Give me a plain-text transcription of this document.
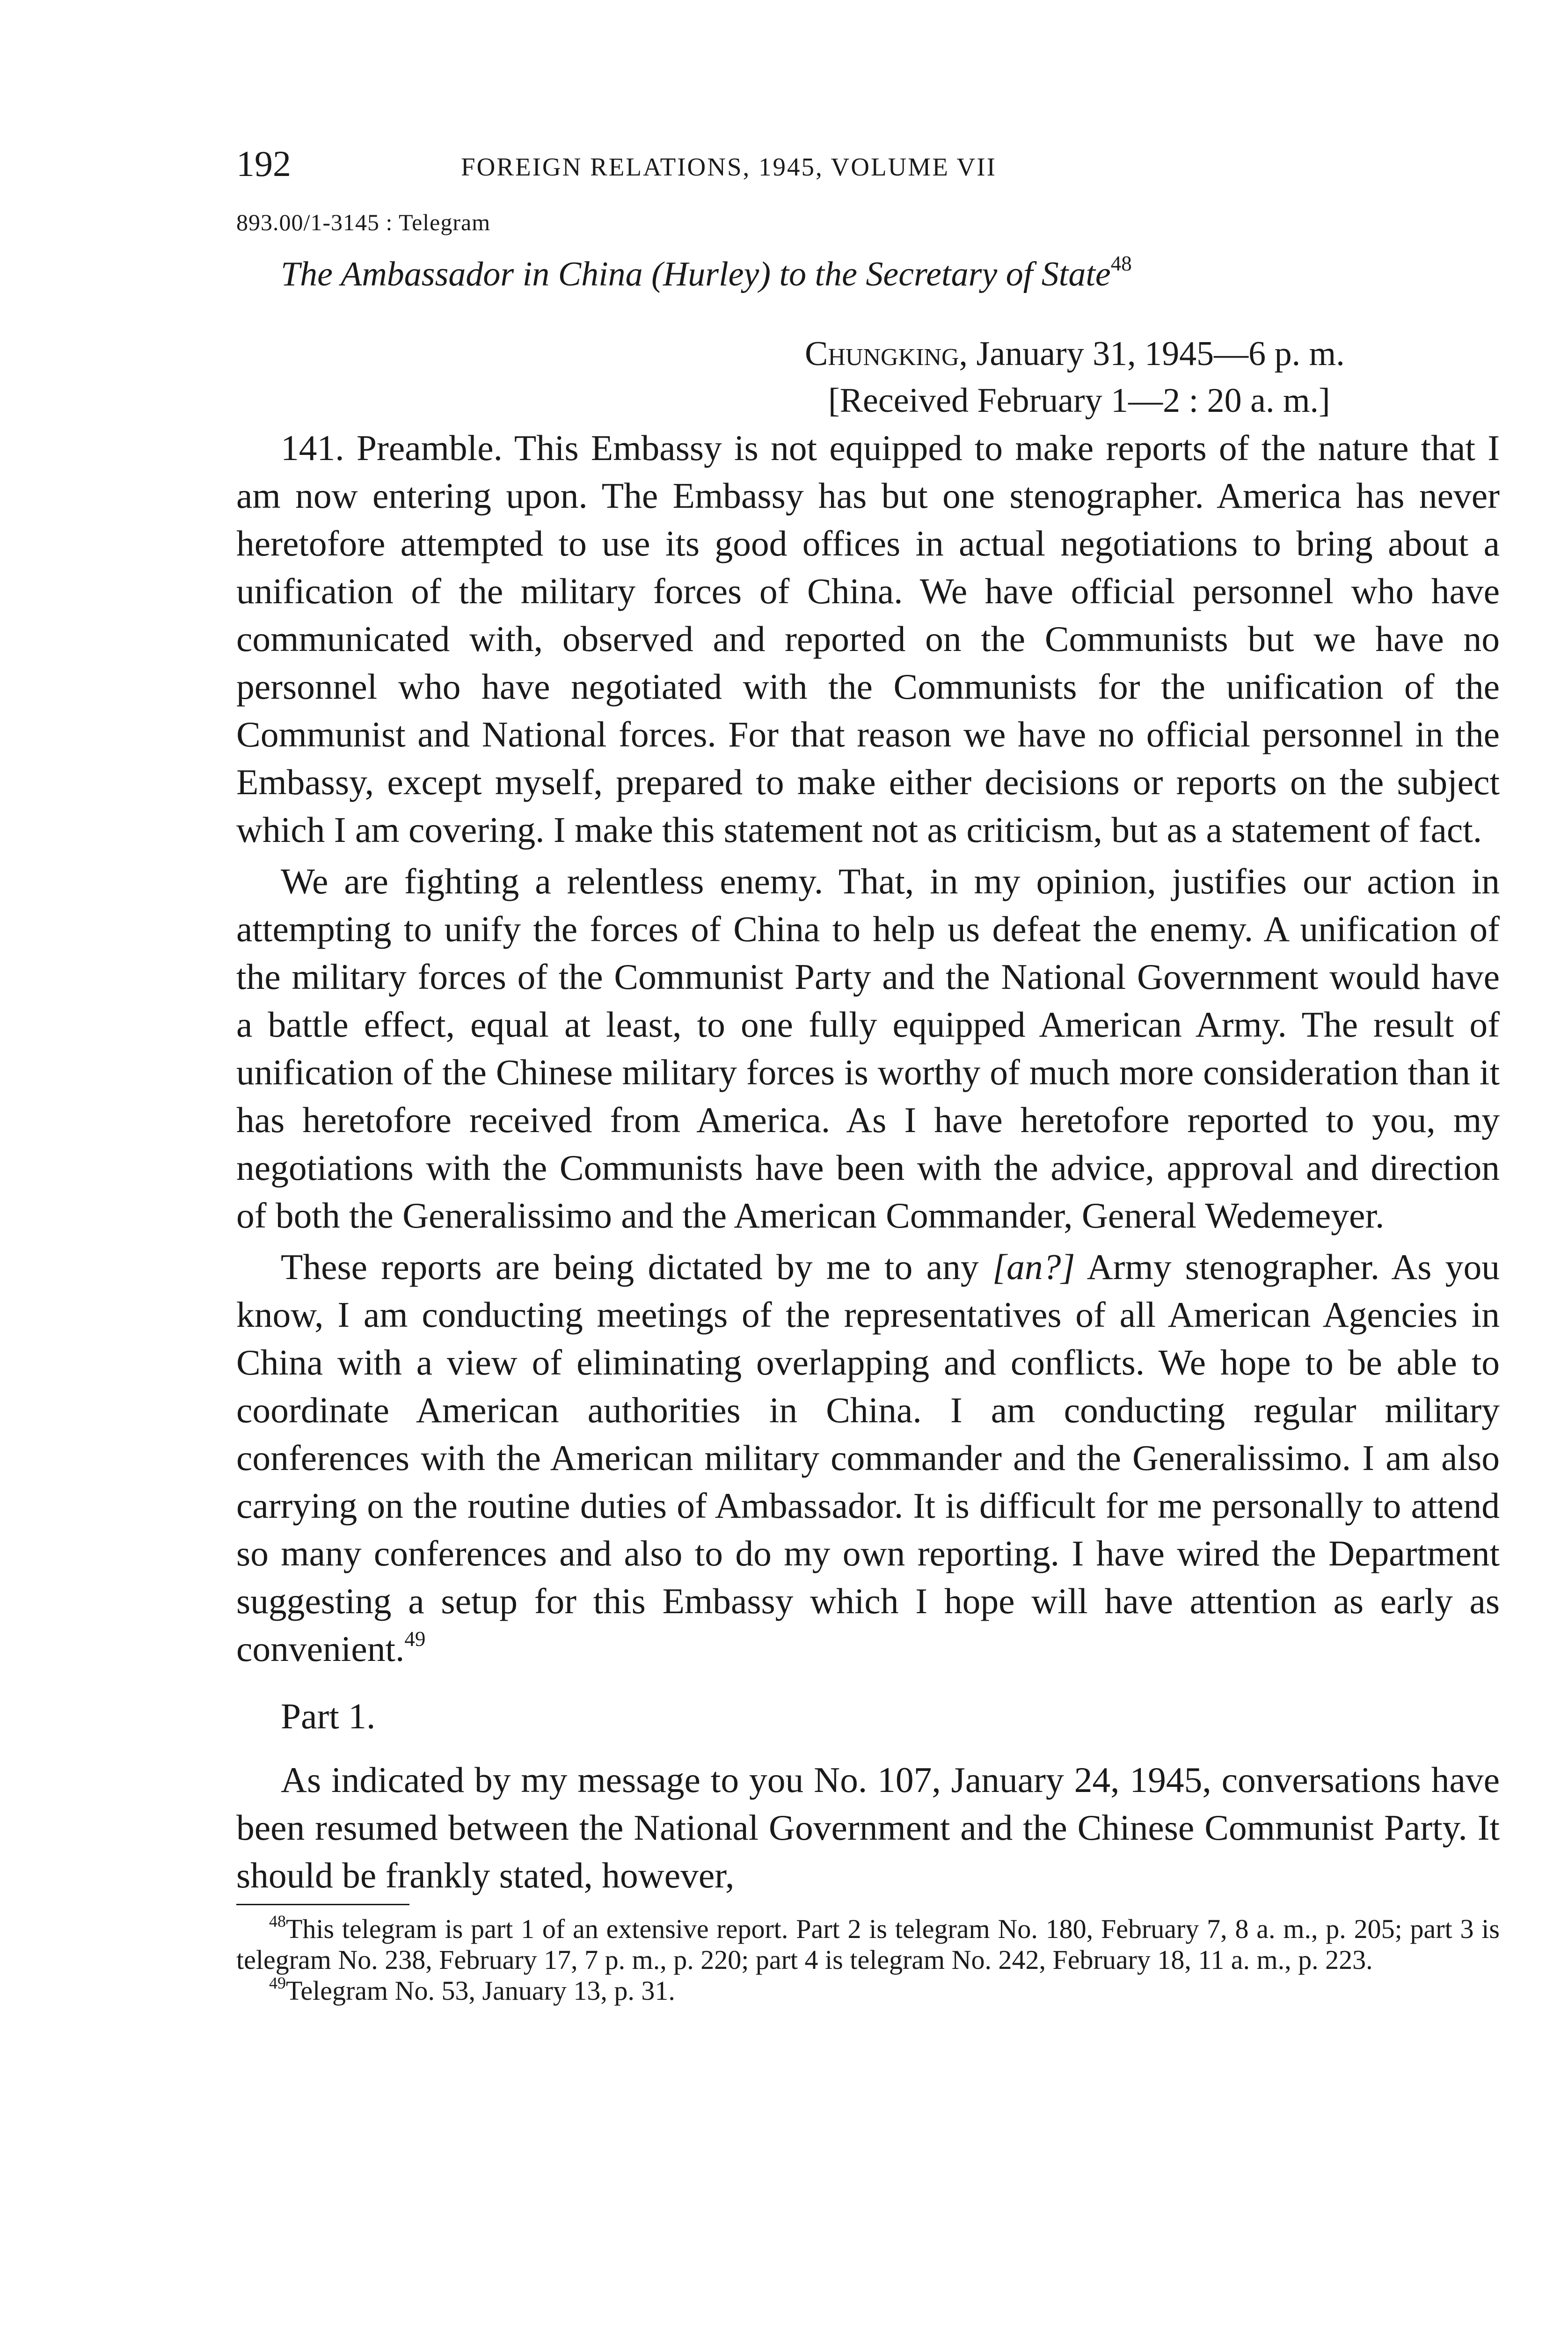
192	FOREIGN RELATIONS, 1945, VOLUME VII
893.00/1-3145 : Telegram
The Ambassador in China (Hurley) to the Secretary of State$^{48}$
Chungking, January 31, 1945—6 p. m.
[Received February 1—2 : 20 a. m.]

141. Preamble. This Embassy is not equipped to make reports of the nature that I am now entering upon. The Embassy has but one stenographer. America has never heretofore attempted to use its good offices in actual negotiations to bring about a unification of the military forces of China. We have official personnel who have communicated with, observed and reported on the Communists but we have no personnel who have negotiated with the Communists for the unification of the Communist and National forces. For that reason we have no official personnel in the Embassy, except myself, prepared to make either decisions or reports on the subject which I am covering. I make this statement not as criticism, but as a statement of fact.

We are fighting a relentless enemy. That, in my opinion, justifies our action in attempting to unify the forces of China to help us defeat the enemy. A unification of the military forces of the Communist Party and the National Government would have a battle effect, equal at least, to one fully equipped American Army. The result of unification of the Chinese military forces is worthy of much more consideration than it has heretofore received from America. As I have heretofore reported to you, my negotiations with the Communists have been with the advice, approval and direction of both the Generalissimo and the American Commander, General Wedemeyer.

These reports are being dictated by me to any [an?] Army stenographer. As you know, I am conducting meetings of the representatives of all American Agencies in China with a view of eliminating overlapping and conflicts. We hope to be able to coordinate American authorities in China. I am conducting regular military conferences with the American military commander and the Generalissimo. I am also carrying on the routine duties of Ambassador. It is difficult for me personally to attend so many conferences and also to do my own reporting. I have wired the Department suggesting a setup for this Embassy which I hope will have attention as early as convenient.$^{49}$

Part 1.

As indicated by my message to you No. 107, January 24, 1945, conversations have been resumed between the National Government and the Chinese Communist Party. It should be frankly stated, however,

$^{48}$This telegram is part 1 of an extensive report. Part 2 is telegram No. 180, February 7, 8 a. m., p. 205; part 3 is telegram No. 238, February 17, 7 p. m., p. 220; part 4 is telegram No. 242, February 18, 11 a. m., p. 223.

$^{49}$Telegram No. 53, January 13, p. 31.
